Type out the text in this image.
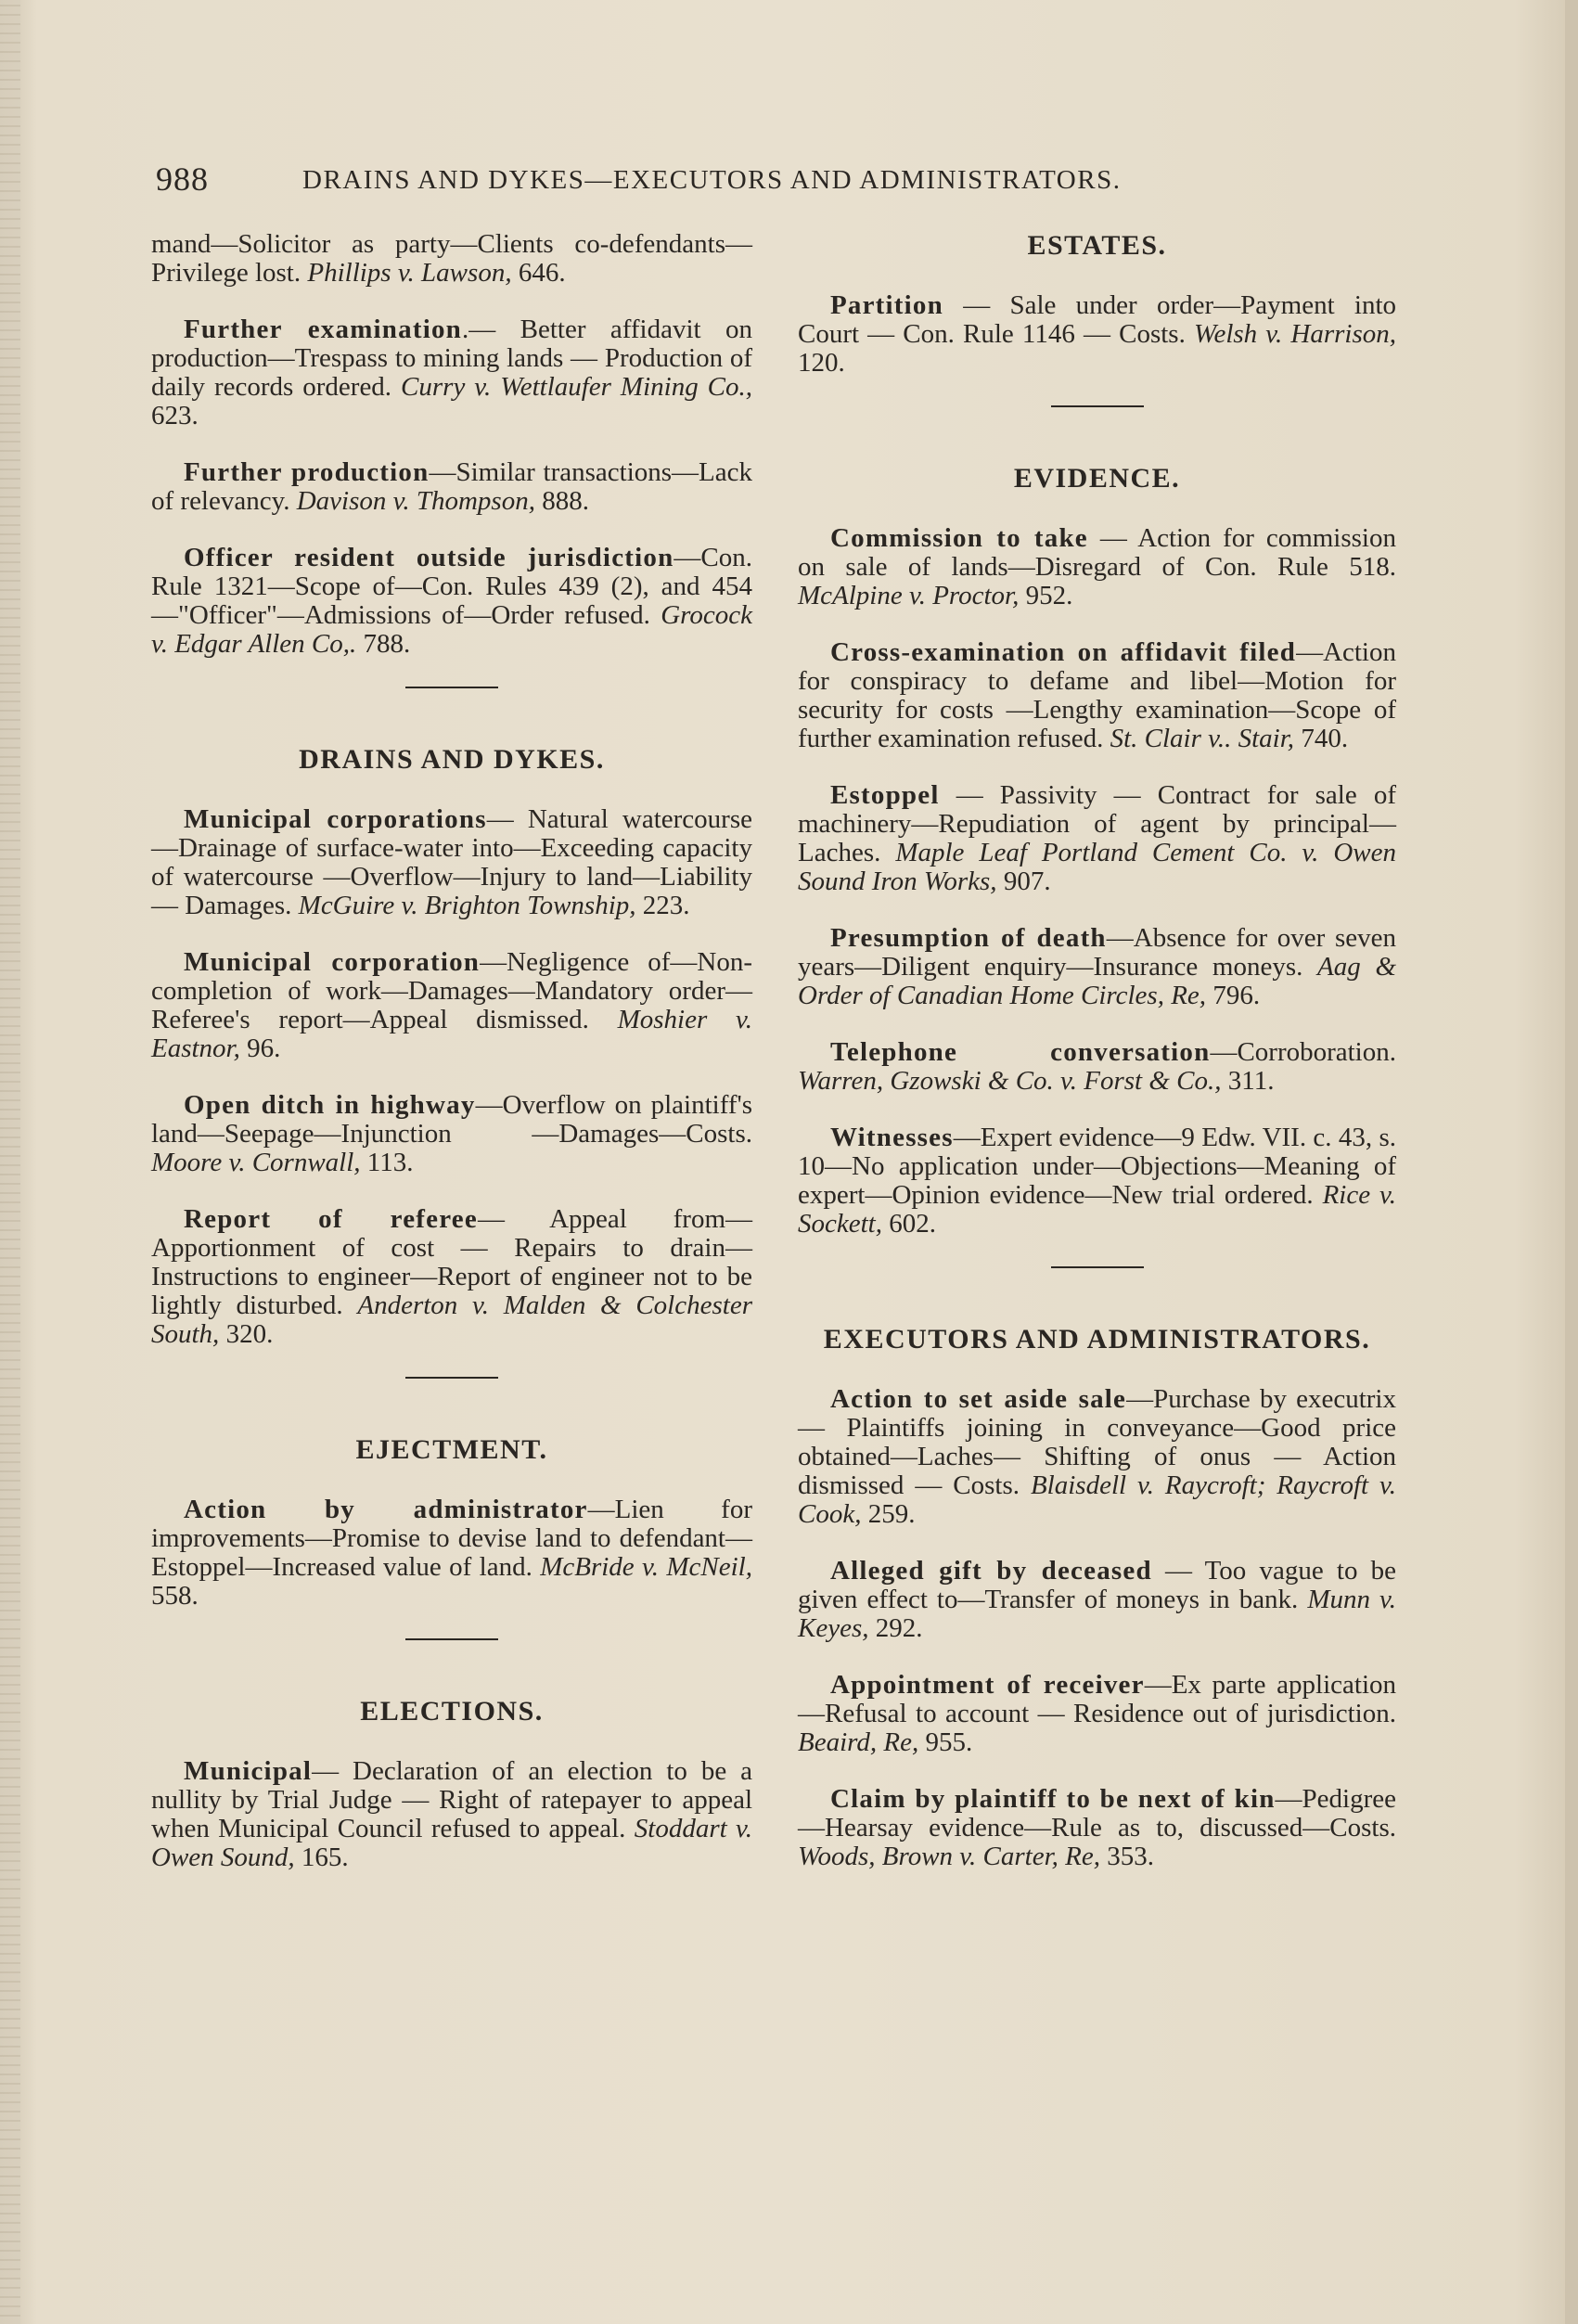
988	DRAINS AND DYKES—EXECUTORS AND ADMINISTRATORS.

mand—Solicitor as party—Clients co-defendants—Privilege lost. Phillips v. Lawson, 646.

Further examination.— Better affidavit on production—Trespass to mining lands — Production of daily records ordered. Curry v. Wettlaufer Mining Co., 623.

Further production—Similar transactions—Lack of relevancy. Davison v. Thompson, 888.

Officer resident outside jurisdiction—Con. Rule 1321—Scope of—Con. Rules 439 (2), and 454—"Officer"—Admissions of—Order refused. Grocock v. Edgar Allen Co,. 788.

DRAINS AND DYKES.

Municipal corporations— Natural watercourse—Drainage of surface-water into—Exceeding capacity of watercourse —Overflow—Injury to land—Liability — Damages. McGuire v. Brighton Township, 223.

Municipal corporation—Negligence of—Non-completion of work—Damages—Mandatory order—Referee's report—Appeal dismissed. Moshier v. Eastnor, 96.

Open ditch in highway—Overflow on plaintiff's land—Seepage—Injunction —Damages—Costs. Moore v. Cornwall, 113.

Report of referee— Appeal from— Apportionment of cost — Repairs to drain—Instructions to engineer—Report of engineer not to be lightly disturbed. Anderton v. Malden & Colchester South, 320.

EJECTMENT.

Action by administrator—Lien for improvements—Promise to devise land to defendant—Estoppel—Increased value of land. McBride v. McNeil, 558.

ELECTIONS.

Municipal— Declaration of an election to be a nullity by Trial Judge — Right of ratepayer to appeal when Municipal Council refused to appeal. Stoddart v. Owen Sound, 165.

ESTATES.

Partition — Sale under order—Payment into Court — Con. Rule 1146 — Costs. Welsh v. Harrison, 120.

EVIDENCE.

Commission to take — Action for commission on sale of lands—Disregard of Con. Rule 518. McAlpine v. Proctor, 952.

Cross-examination on affidavit filed—Action for conspiracy to defame and libel—Motion for security for costs —Lengthy examination—Scope of further examination refused. St. Clair v.. Stair, 740.

Estoppel — Passivity — Contract for sale of machinery—Repudiation of agent by principal—Laches. Maple Leaf Portland Cement Co. v. Owen Sound Iron Works, 907.

Presumption of death—Absence for over seven years—Diligent enquiry—Insurance moneys. Aag & Order of Canadian Home Circles, Re, 796.

Telephone conversation—Corroboration. Warren, Gzowski & Co. v. Forst & Co., 311.

Witnesses—Expert evidence—9 Edw. VII. c. 43, s. 10—No application under—Objections—Meaning of expert—Opinion evidence—New trial ordered. Rice v. Sockett, 602.

EXECUTORS AND ADMINISTRATORS.

Action to set aside sale—Purchase by executrix — Plaintiffs joining in conveyance—Good price obtained—Laches— Shifting of onus — Action dismissed — Costs. Blaisdell v. Raycroft; Raycroft v. Cook, 259.

Alleged gift by deceased — Too vague to be given effect to—Transfer of moneys in bank. Munn v. Keyes, 292.

Appointment of receiver—Ex parte application—Refusal to account — Residence out of jurisdiction. Beaird, Re, 955.

Claim by plaintiff to be next of kin—Pedigree—Hearsay evidence—Rule as to, discussed—Costs. Woods, Brown v. Carter, Re, 353.
